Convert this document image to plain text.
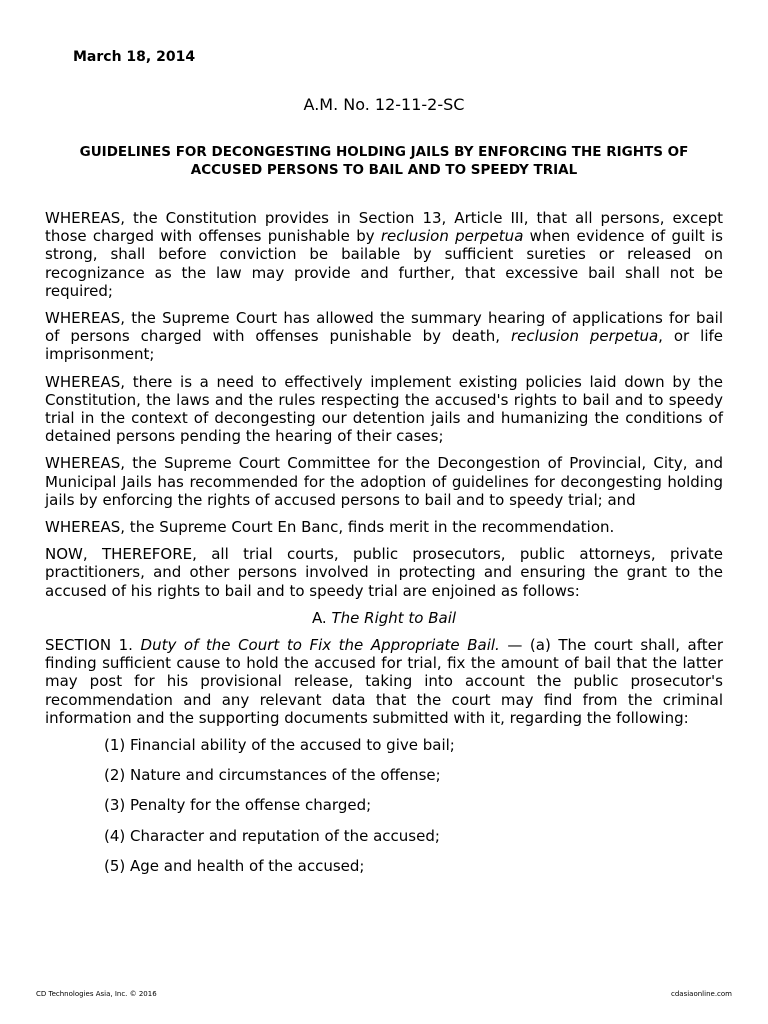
March 18, 2014

A.M. No. 12-11-2-SC

GUIDELINES FOR DECONGESTING HOLDING JAILS BY ENFORCING THE RIGHTS OF ACCUSED PERSONS TO BAIL AND TO SPEEDY TRIAL

WHEREAS, the Constitution provides in Section 13, Article III, that all persons, except those charged with offenses punishable by reclusion perpetua when evidence of guilt is strong, shall before conviction be bailable by sufficient sureties or released on recognizance as the law may provide and further, that excessive bail shall not be required;

WHEREAS, the Supreme Court has allowed the summary hearing of applications for bail of persons charged with offenses punishable by death, reclusion perpetua, or life imprisonment;

WHEREAS, there is a need to effectively implement existing policies laid down by the Constitution, the laws and the rules respecting the accused's rights to bail and to speedy trial in the context of decongesting our detention jails and humanizing the conditions of detained persons pending the hearing of their cases;

WHEREAS, the Supreme Court Committee for the Decongestion of Provincial, City, and Municipal Jails has recommended for the adoption of guidelines for decongesting holding jails by enforcing the rights of accused persons to bail and to speedy trial; and

WHEREAS, the Supreme Court En Banc, finds merit in the recommendation.

NOW, THEREFORE, all trial courts, public prosecutors, public attorneys, private practitioners, and other persons involved in protecting and ensuring the grant to the accused of his rights to bail and to speedy trial are enjoined as follows:

A. The Right to Bail

SECTION 1. Duty of the Court to Fix the Appropriate Bail. — (a) The court shall, after finding sufficient cause to hold the accused for trial, fix the amount of bail that the latter may post for his provisional release, taking into account the public prosecutor's recommendation and any relevant data that the court may find from the criminal information and the supporting documents submitted with it, regarding the following:

(1) Financial ability of the accused to give bail;
(2) Nature and circumstances of the offense;
(3) Penalty for the offense charged;
(4) Character and reputation of the accused;
(5) Age and health of the accused;
CD Technologies Asia, Inc. © 2016	cdasiaonline.com
